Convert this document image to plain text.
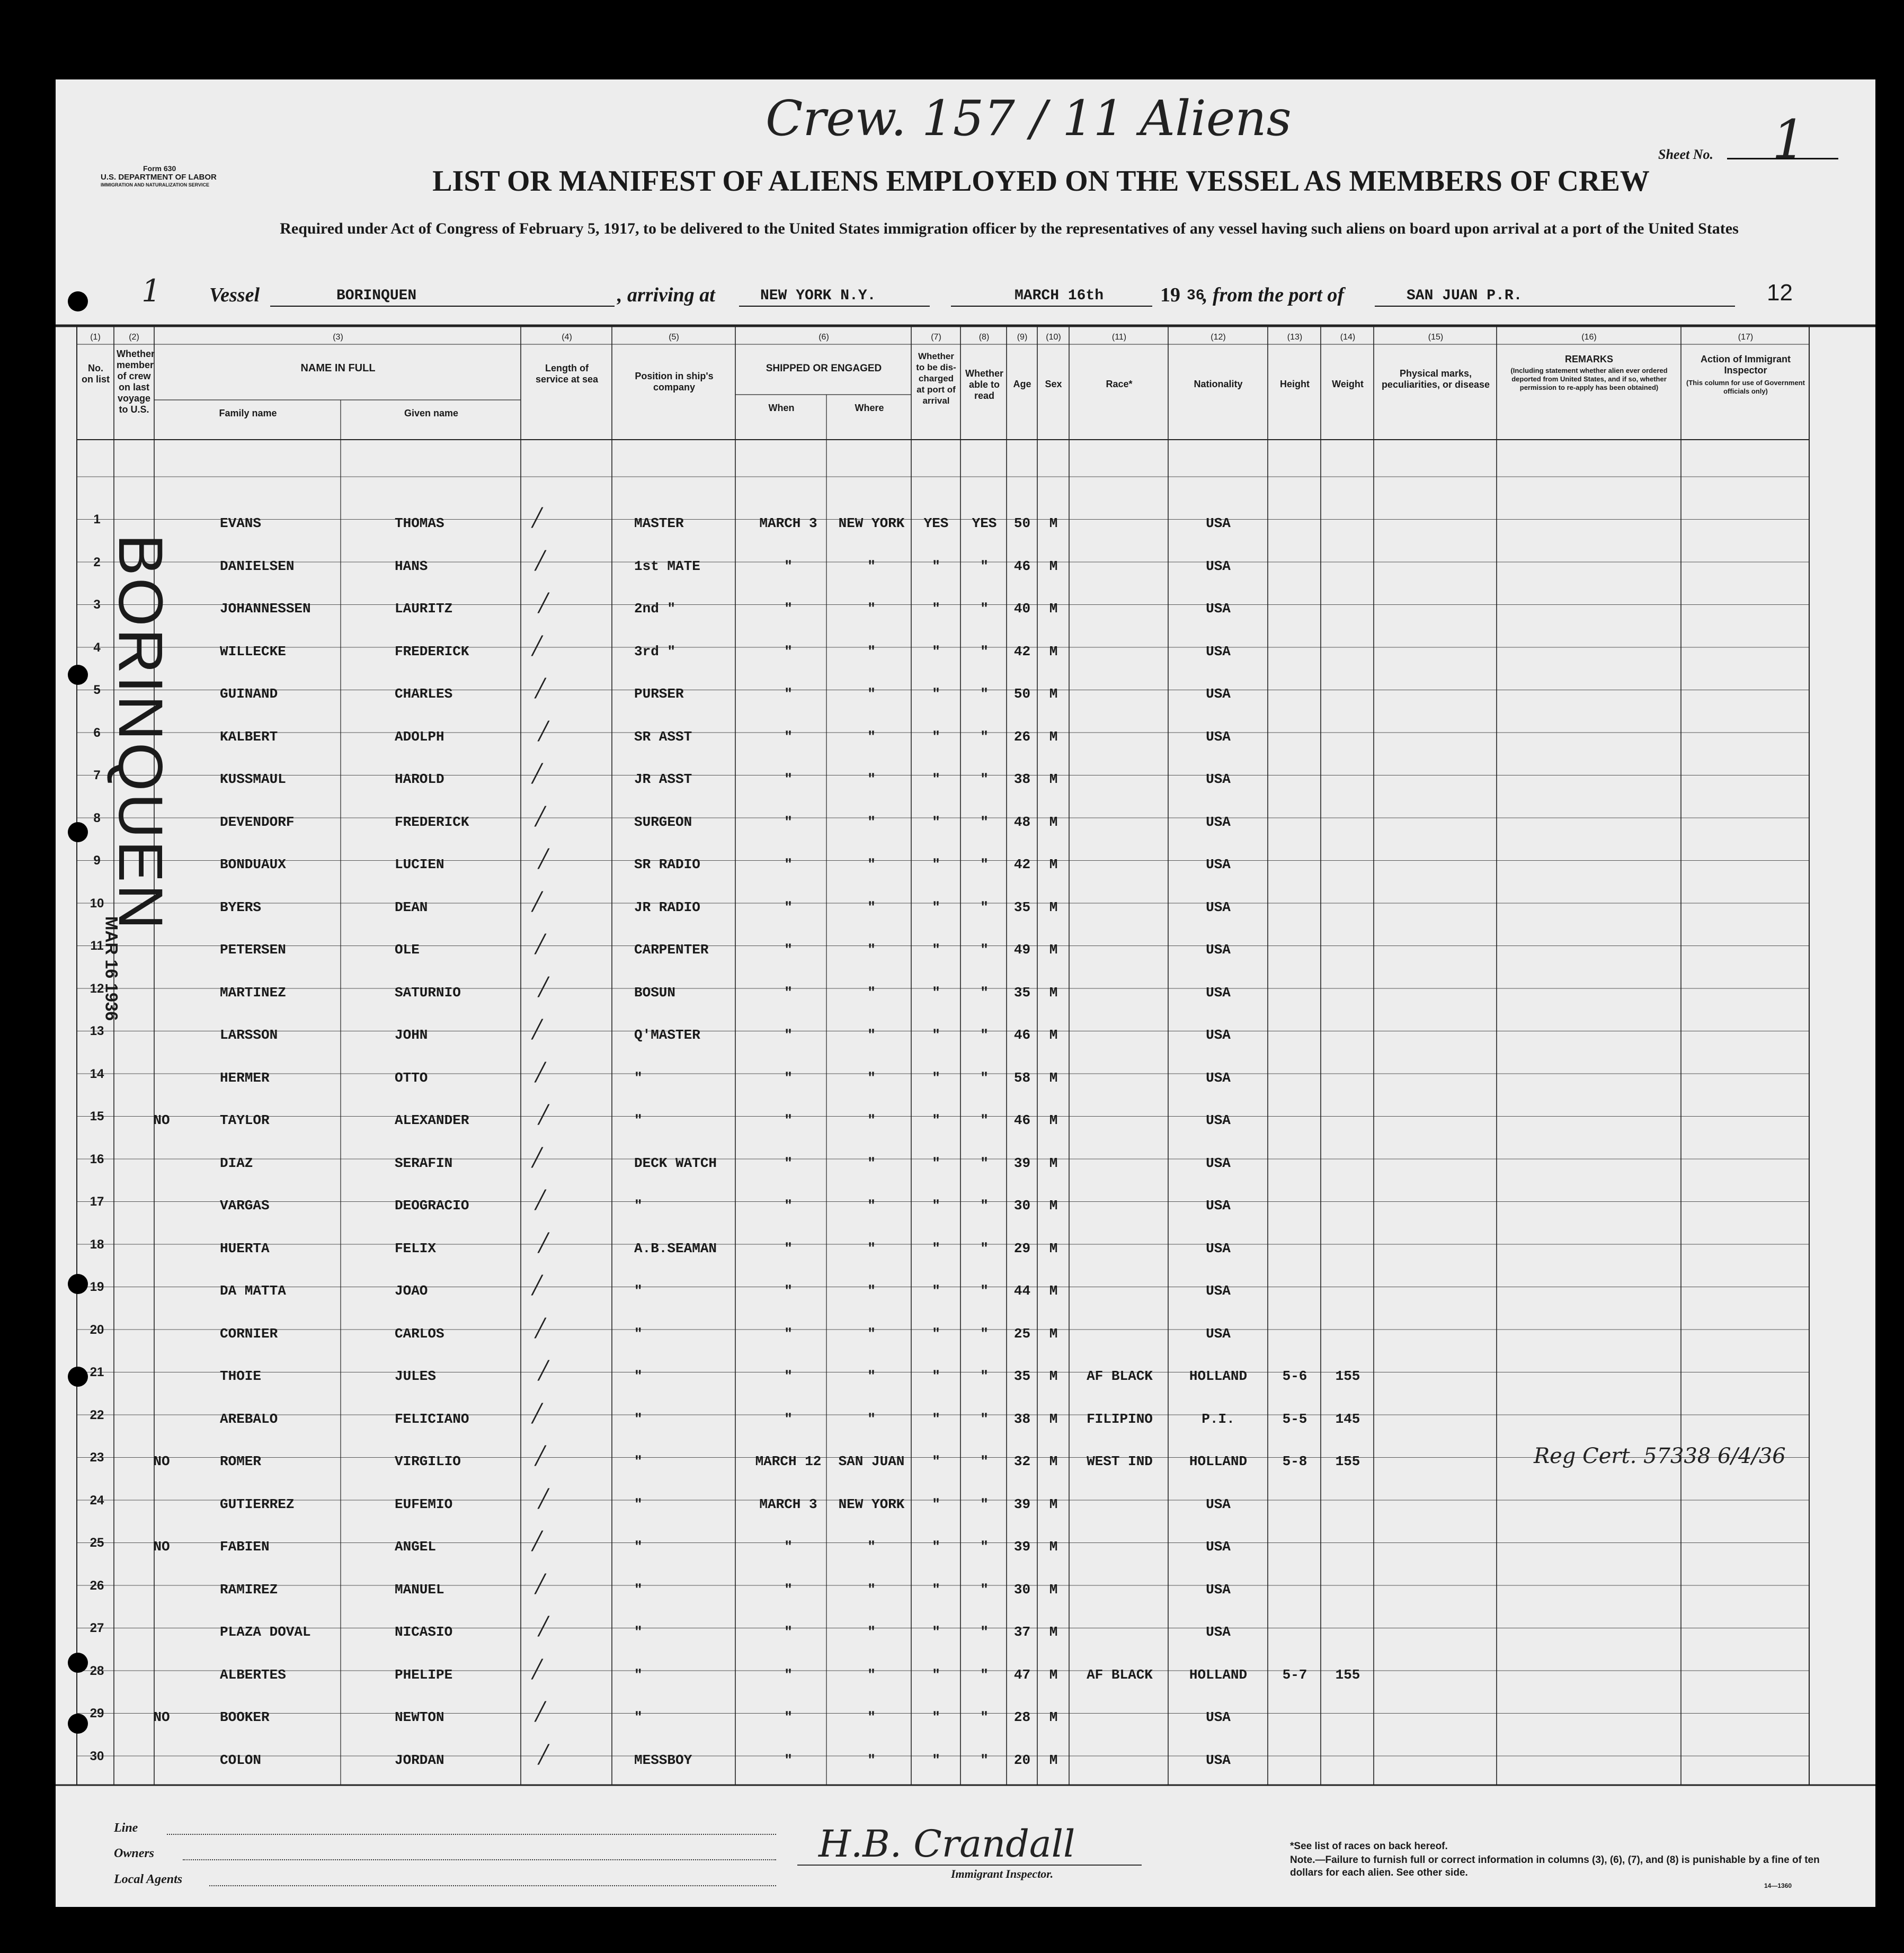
Form 630
U.S. DEPARTMENT OF LABOR
IMMIGRATION AND NATURALIZATION SERVICE
Crew. 157 / 11 Aliens
Sheet No. 1
LIST OR MANIFEST OF ALIENS EMPLOYED ON THE VESSEL AS MEMBERS OF CREW
Required under Act of Congress of February 5, 1917, to be delivered to the United States immigration officer by the representatives of any vessel having such aliens on board upon arrival at a port of the United States
1 Vessel	BORINQUEN	, arriving at	NEW YORK N.Y.	MARCH 16th	19 36
, from the port of	SAN JUAN P.R.	12
(1)
No. on list
(2)
Whether member of crew on last voyage to U.S.
(3)
NAME IN FULL
Family name	Given name
(4)
Length of service at sea
(5)
Position in ship's company
(6)
SHIPPED OR ENGAGED
When	Where
(7)
Whether to be dis-charged at port of arrival
(8)
Whether able to read
(9)
Age
(10)
Sex
(11)
Race*
(12)
Nationality
(13)
Height
(14)
Weight
(15)
Physical marks, peculiarities, or disease
(16)
REMARKS
(Including statement whether alien ever ordered deported from United States, and if so, whether permission to re-apply has been obtained)
(17)
Action of Immigrant Inspector
(This column for use of Government officials only)
1	EVANS	THOMAS	MASTER	MARCH 3	NEW YORK	YES	YES	50	M	USA
/
2	DANIELSEN	HANS	1st MATE	"	"	"	"	46	M	USA
/
3	JOHANNESSEN	LAURITZ	2nd "	"	"	"	"	40	M	USA
/
4	WILLECKE	FREDERICK	3rd "	"	"	"	"	42	M	USA
/
5	GUINAND	CHARLES	PURSER	"	"	"	"	50	M	USA
/
6	KALBERT	ADOLPH	SR ASST	"	"	"	"	26	M	USA
/
7	KUSSMAUL	HAROLD	JR ASST	"	"	"	"	38	M	USA
/
8	DEVENDORF	FREDERICK	SURGEON	"	"	"	"	48	M	USA
/
9	BONDUAUX	LUCIEN	SR RADIO	"	"	"	"	42	M	USA
/
10	BYERS	DEAN	JR RADIO	"	"	"	"	35	M	USA
/
11	PETERSEN	OLE	CARPENTER	"	"	"	"	49	M	USA
/
12	MARTINEZ	SATURNIO	BOSUN	"	"	"	"	35	M	USA
/
13	LARSSON	JOHN	Q'MASTER	"	"	"	"	46	M	USA
/
14	HERMER	OTTO	"	"	"	"	"	58	M	USA
/
15	NO	TAYLOR	ALEXANDER	"	"	"	"	"	46	M	USA
/
16	DIAZ	SERAFIN	DECK WATCH	"	"	"	"	39	M	USA
/
17	VARGAS	DEOGRACIO	"	"	"	"	"	30	M	USA
/
18	HUERTA	FELIX	A.B.SEAMAN	"	"	"	"	29	M	USA
/
19	DA MATTA	JOAO	"	"	"	"	"	44	M	USA
/
20	CORNIER	CARLOS	"	"	"	"	"	25	M	USA
/
21	THOIE	JULES	"	"	"	"	"	35	M	AF BLACK	HOLLAND	5-6	155
/
22	AREBALO	FELICIANO	"	"	"	"	"	38	M	FILIPINO	P.I.	5-5	145
/
23	NO	ROMER	VIRGILIO	"	MARCH 12 SAN JUAN	"	"	32	M	WEST IND	HOLLAND	5-8	155
/	Reg Cert. 57338 6/4/36
24	GUTIERREZ	EUFEMIO	"	MARCH 3	NEW YORK	"	"	39	M	USA
/
25	NO	FABIEN	ANGEL	"	"	"	"	"	39	M	USA
/
26	RAMIREZ	MANUEL	"	"	"	"	"	30	M	USA
/
27	PLAZA DOVAL	NICASIO	"	"	"	"	"	37	M	USA
/
28	ALBERTES	PHELIPE	"	"	"	"	"	47	M	AF BLACK	HOLLAND	5-7	155
/
29	NO	BOOKER	NEWTON	"	"	"	"	"	28	M	USA
/
30	COLON	JORDAN	MESSBOY	"	"	"	"	20	M	USA
/
BORINQUEN
MAR 16 1936
Line
Owners
Local Agents
H.B. Crandall
Immigrant Inspector.
*See list of races on back hereof.
Note.—Failure to furnish full or correct information in columns (3), (6), (7), and (8) is punishable by a fine of ten dollars for each alien. See other side.
14—1360
